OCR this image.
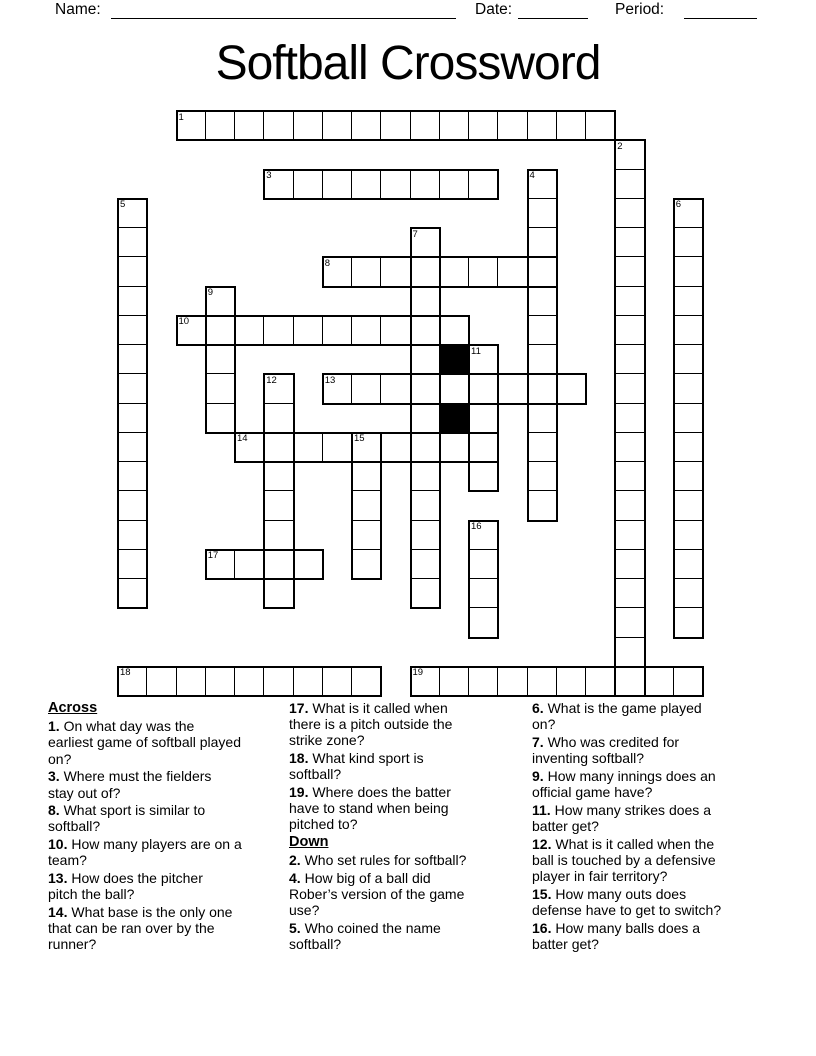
Name:	Date:	Period:
Softball Crossword
1
2
3	4
5	6
7
8
9
10
11
12	13
14	15
16
17
18	19
Across
1. On what day was the
earliest game of softball played
on?
3. Where must the fielders
stay out of?
8. What sport is similar to
softball?
10. How many players are on a
team?
13. How does the pitcher
pitch the ball?
14. What base is the only one
that can be ran over by the
runner?
17. What is it called when
there is a pitch outside the
strike zone?
18. What kind sport is
softball?
19. Where does the batter
have to stand when being
pitched to?
Down
2. Who set rules for softball?
4. How big of a ball did
Rober’s version of the game
use?
5. Who coined the name
softball?
6. What is the game played
on?
7. Who was credited for
inventing softball?
9. How many innings does an
official game have?
11. How many strikes does a
batter get?
12. What is it called when the
ball is touched by a defensive
player in fair territory?
15. How many outs does
defense have to get to switch?
16. How many balls does a
batter get?
